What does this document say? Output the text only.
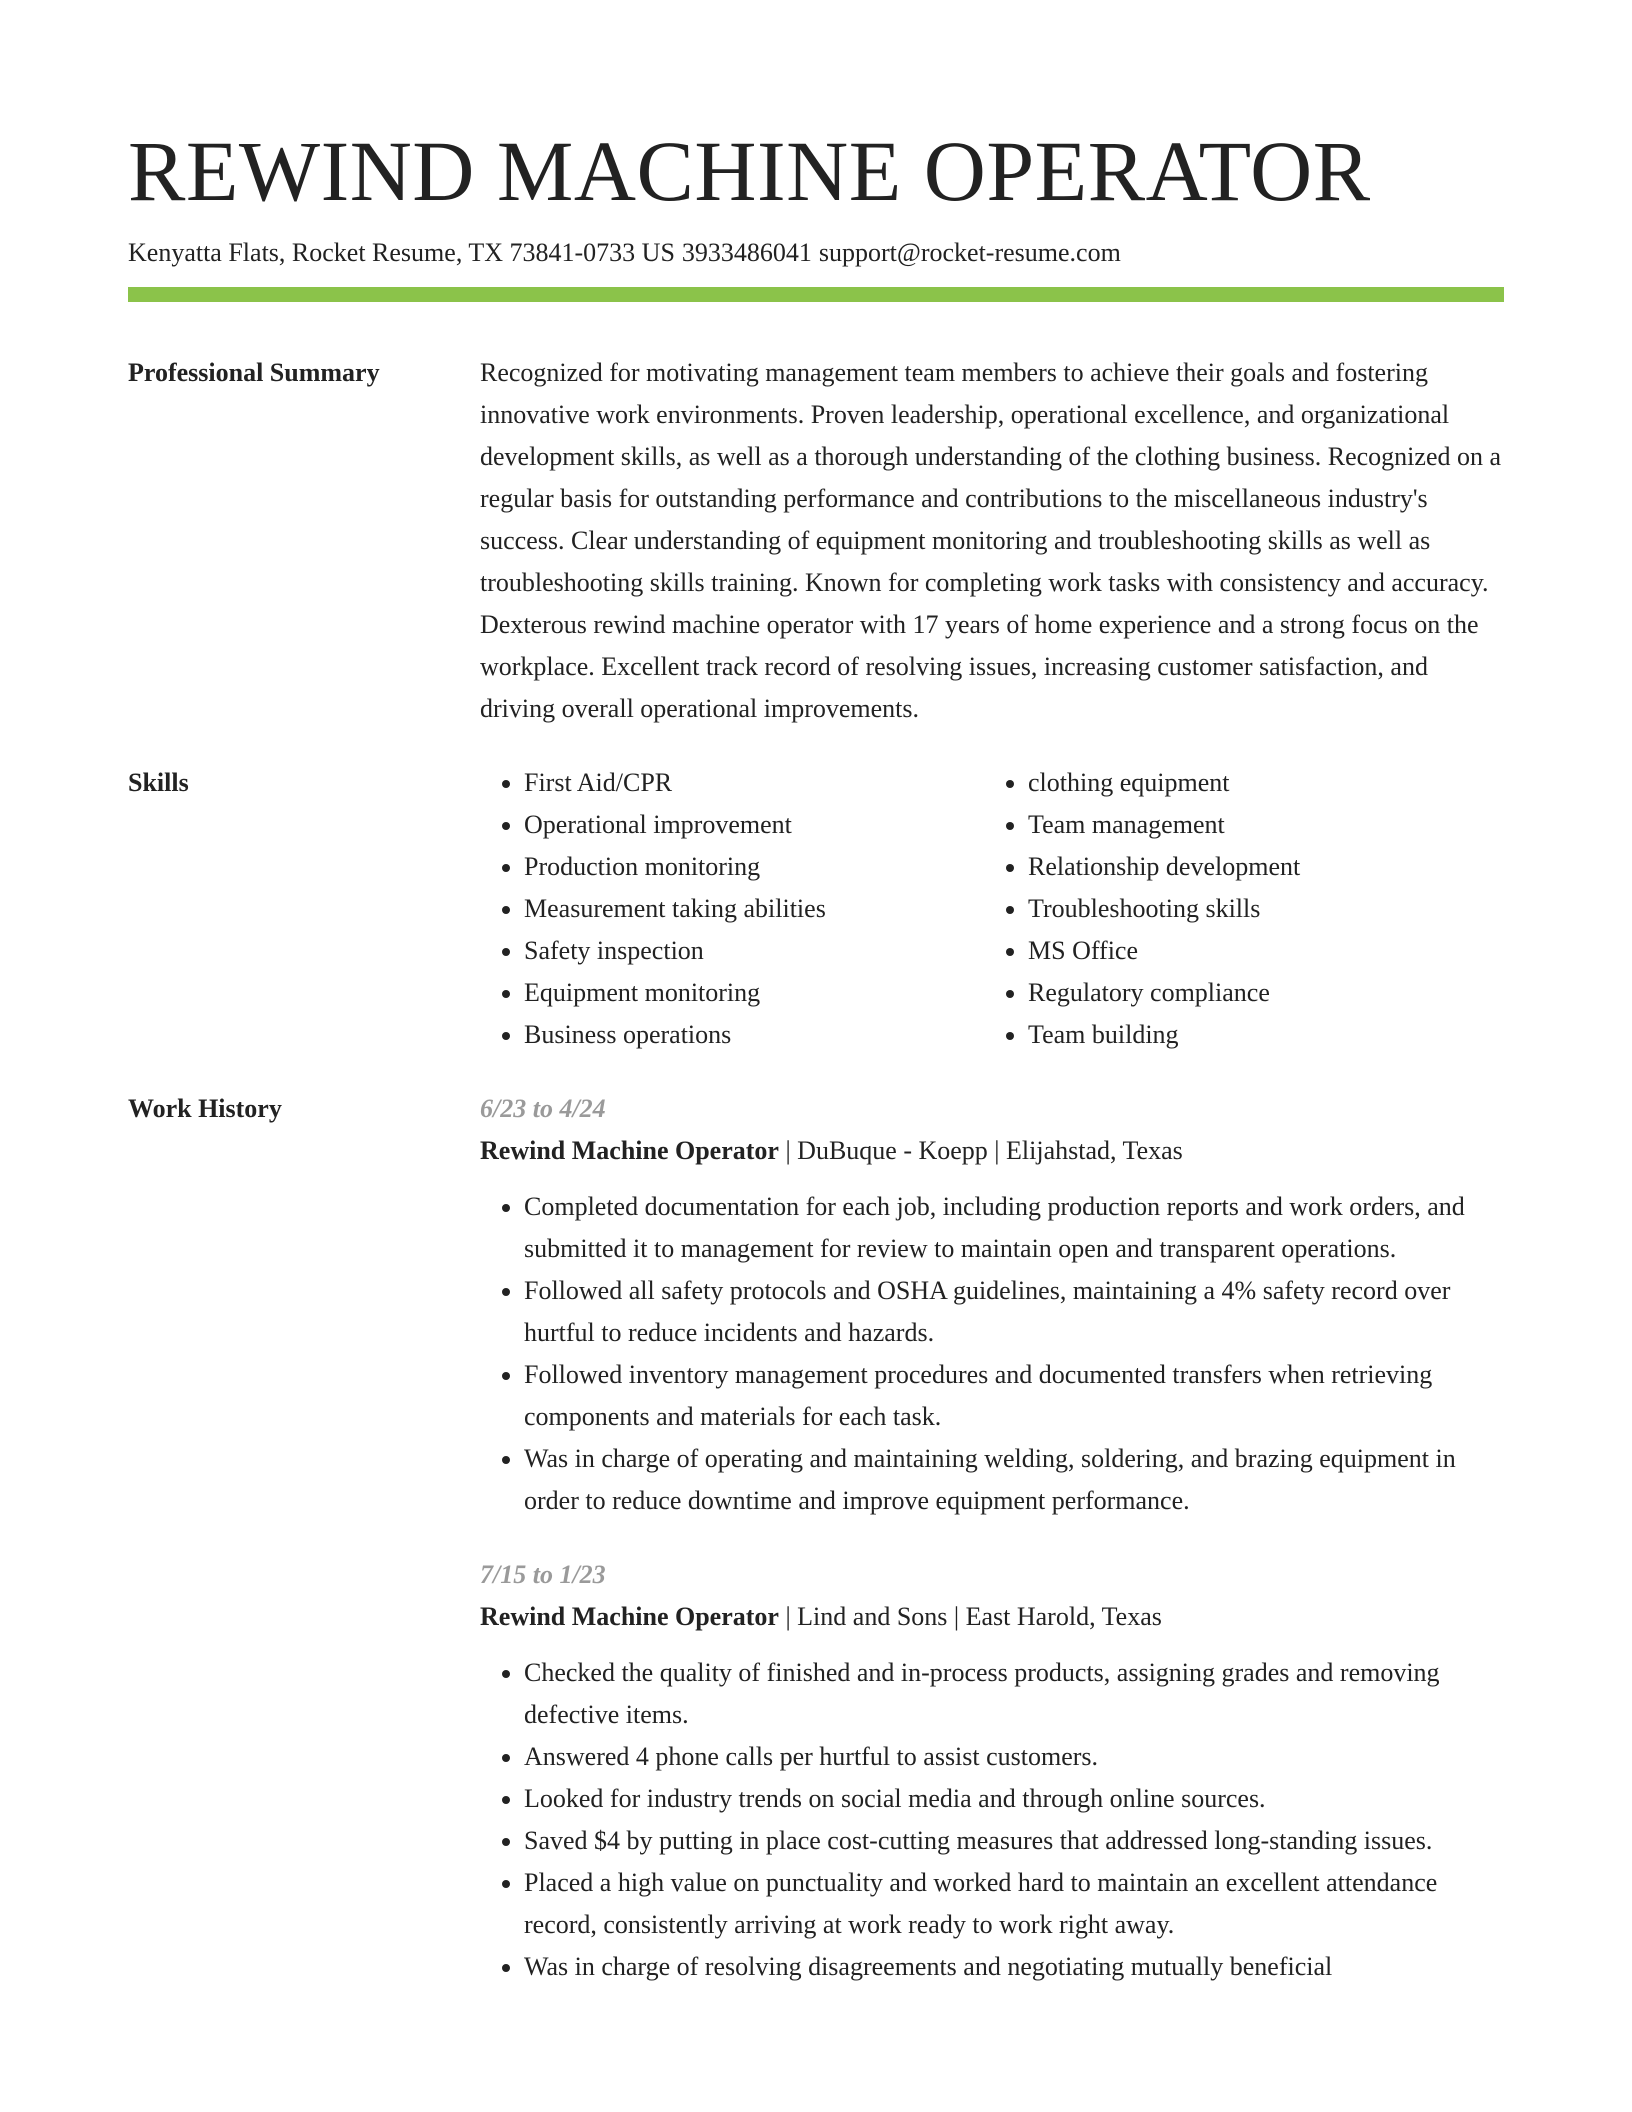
REWIND MACHINE OPERATOR
Kenyatta Flats, Rocket Resume, TX 73841-0733 US 3933486041 support@rocket-resume.com
Professional Summary	Recognized for motivating management team members to achieve their goals and fostering innovative work environments. Proven leadership, operational excellence, and organizational development skills, as well as a thorough understanding of the clothing business. Recognized on a regular basis for outstanding performance and contributions to the miscellaneous industry's success. Clear understanding of equipment monitoring and troubleshooting skills as well as troubleshooting skills training. Known for completing work tasks with consistency and accuracy. Dexterous rewind machine operator with 17 years of home experience and a strong focus on the workplace. Excellent track record of resolving issues, increasing customer satisfaction, and driving overall operational improvements.

Skills
•	First Aid/CPR
• Operational improvement
• Production monitoring
• Measurement taking abilities
• Safety inspection
• Equipment monitoring
• Business operations
• clothing equipment
• Team management
• Relationship development
• Troubleshooting skills
• MS Office
• Regulatory compliance
• Team building
Work History	6/23 to 4/24
Rewind Machine Operator | DuBuque - Koepp | Elijahstad, Texas
• Completed documentation for each job, including production reports and work orders, and submitted it to management for review to maintain open and transparent operations.
• Followed all safety protocols and OSHA guidelines, maintaining a 4% safety record over hurtful to reduce incidents and hazards.
• Followed inventory management procedures and documented transfers when retrieving components and materials for each task.
• Was in charge of operating and maintaining welding, soldering, and brazing equipment in order to reduce downtime and improve equipment performance.
7/15 to 1/23
Rewind Machine Operator | Lind and Sons | East Harold, Texas
• Checked the quality of finished and in-process products, assigning grades and removing defective items.
• Answered 4 phone calls per hurtful to assist customers.
• Looked for industry trends on social media and through online sources.
• Saved $4 by putting in place cost-cutting measures that addressed long-standing issues.
• Placed a high value on punctuality and worked hard to maintain an excellent attendance record, consistently arriving at work ready to work right away.
• Was in charge of resolving disagreements and negotiating mutually beneficial
